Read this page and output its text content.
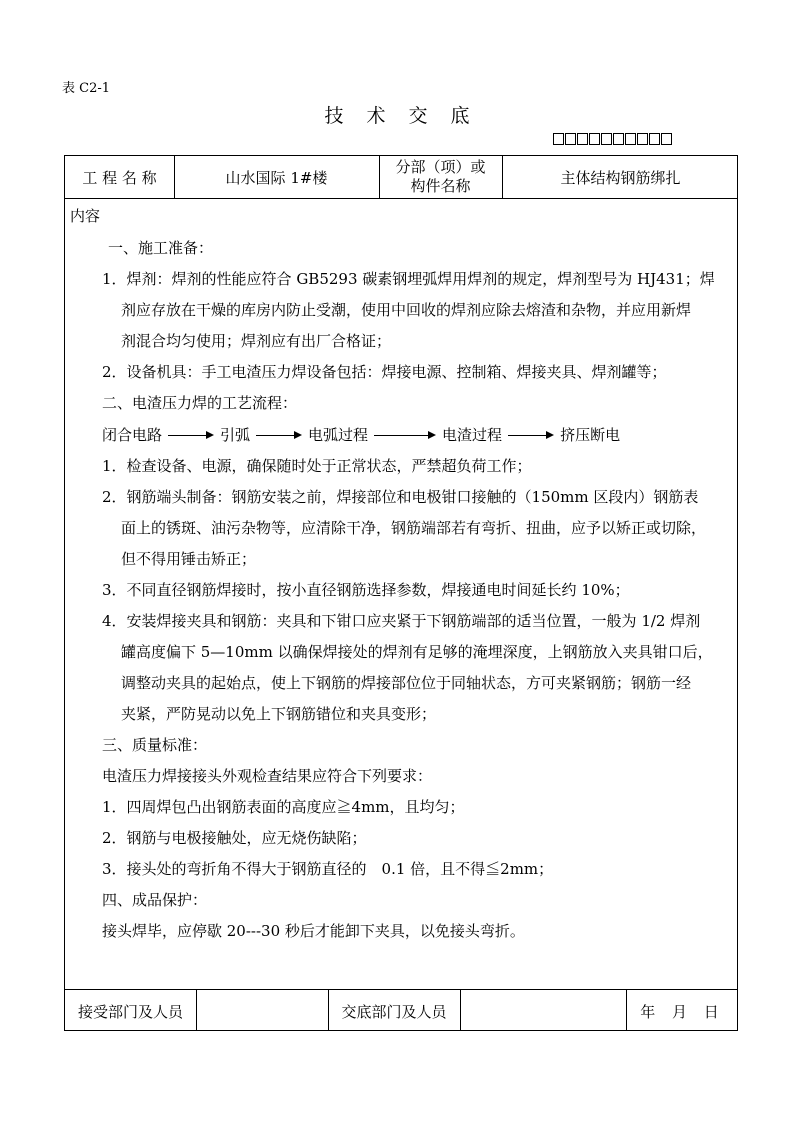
表 C2-1
技术交底
工 程 名 称	山水国际 1#楼
分部（项）或
构件名称	主体结构钢筋绑扎
内容
一、施工准备：
1．焊剂：焊剂的性能应符合 GB5293 碳素钢埋弧焊用焊剂的规定，焊剂型号为 HJ431；焊
剂应存放在干燥的库房内防止受潮，使用中回收的焊剂应除去熔渣和杂物，并应用新焊
剂混合均匀使用；焊剂应有出厂合格证；
2．设备机具：手工电渣压力焊设备包括：焊接电源、控制箱、焊接夹具、焊剂罐等；
二、电渣压力焊的工艺流程：
闭合电路	引弧	电弧过程	电渣过程	挤压断电
1．检查设备、电源，确保随时处于正常状态，严禁超负荷工作；
2．钢筋端头制备：钢筋安装之前，焊接部位和电极钳口接触的（150mm 区段内）钢筋表
面上的锈斑、油污杂物等，应清除干净，钢筋端部若有弯折、扭曲，应予以矫正或切除，
但不得用锤击矫正；
3．不同直径钢筋焊接时，按小直径钢筋选择参数，焊接通电时间延长约 10%；
4．安装焊接夹具和钢筋：夹具和下钳口应夹紧于下钢筋端部的适当位置，一般为 1/2 焊剂
罐高度偏下 5—10mm 以确保焊接处的焊剂有足够的淹埋深度，上钢筋放入夹具钳口后，
调整动夹具的起始点，使上下钢筋的焊接部位位于同轴状态，方可夹紧钢筋；钢筋一经
夹紧，严防晃动以免上下钢筋错位和夹具变形；
三、质量标准：
电渣压力焊接接头外观检查结果应符合下列要求：
1．四周焊包凸出钢筋表面的高度应≧4mm，且均匀；
2．钢筋与电极接触处，应无烧伤缺陷；
3．接头处的弯折角不得大于钢筋直径的　0.1 倍，且不得≦2mm；
四、成品保护：
接头焊毕，应停歇 20---30 秒后才能卸下夹具，以免接头弯折。
接受部门及人员	交底部门及人员	年 月 日
